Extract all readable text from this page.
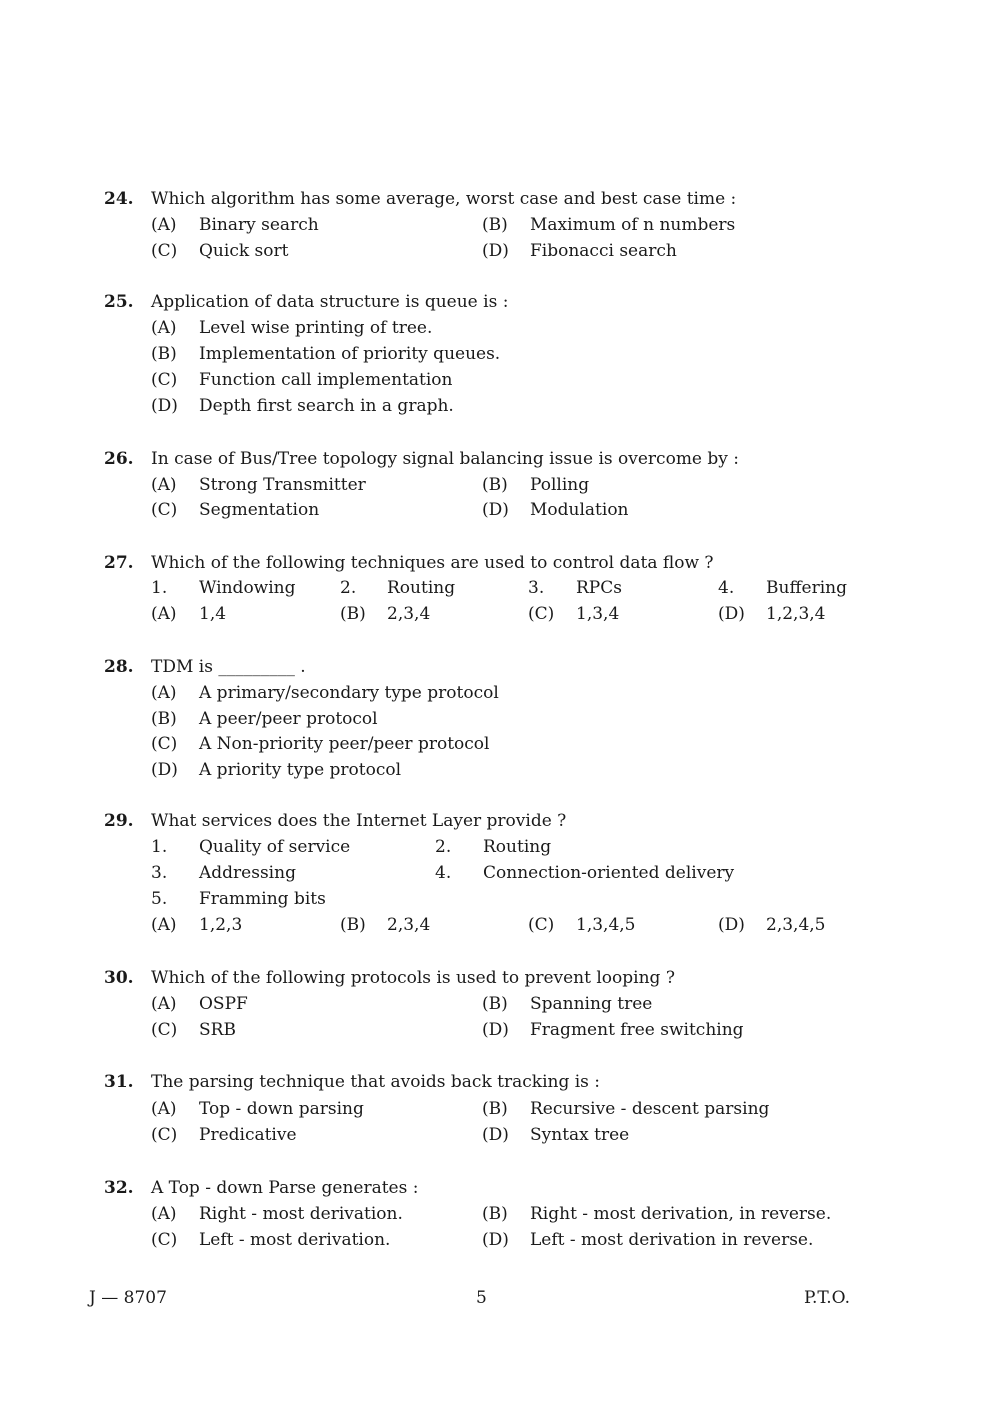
24. Which algorithm has some average, worst case and best case time :
(A) Binary search	(B) Maximum of n numbers
(C) Quick sort	(D) Fibonacci search
25. Application of data structure is queue is :
(A) Level wise printing of tree.
(B) Implementation of priority queues.
(C) Function call implementation
(D) Depth first search in a graph.
26. In case of Bus/Tree topology signal balancing issue is overcome by :
(A) Strong Transmitter	(B) Polling
(C) Segmentation	(D) Modulation
27. Which of the following techniques are used to control data flow ?
1. Windowing	2. Routing	3. RPCs	4. Buffering
(A) 1,4	(B) 2,3,4	(C) 1,3,4	(D) 1,2,3,4
28. TDM is _________ .
(A) A primary/secondary type protocol
(B) A peer/peer protocol
(C) A Non-priority peer/peer protocol
(D) A priority type protocol
29. What services does the Internet Layer provide ?
1. Quality of service	2. Routing
3. Addressing	4. Connection-oriented delivery
5. Framming bits
(A) 1,2,3	(B) 2,3,4	(C) 1,3,4,5	(D) 2,3,4,5
30. Which of the following protocols is used to prevent looping ?
(A) OSPF	(B) Spanning tree
(C) SRB	(D) Fragment free switching
31. The parsing technique that avoids back tracking is :
(A) Top - down parsing	(B) Recursive - descent parsing
(C) Predicative	(D) Syntax tree
32. A Top - down Parse generates :
(A) Right - most derivation.	(B) Right - most derivation, in reverse.
(C) Left - most derivation.	(D) Left - most derivation in reverse.
J — 8707	5	P.T.O.
